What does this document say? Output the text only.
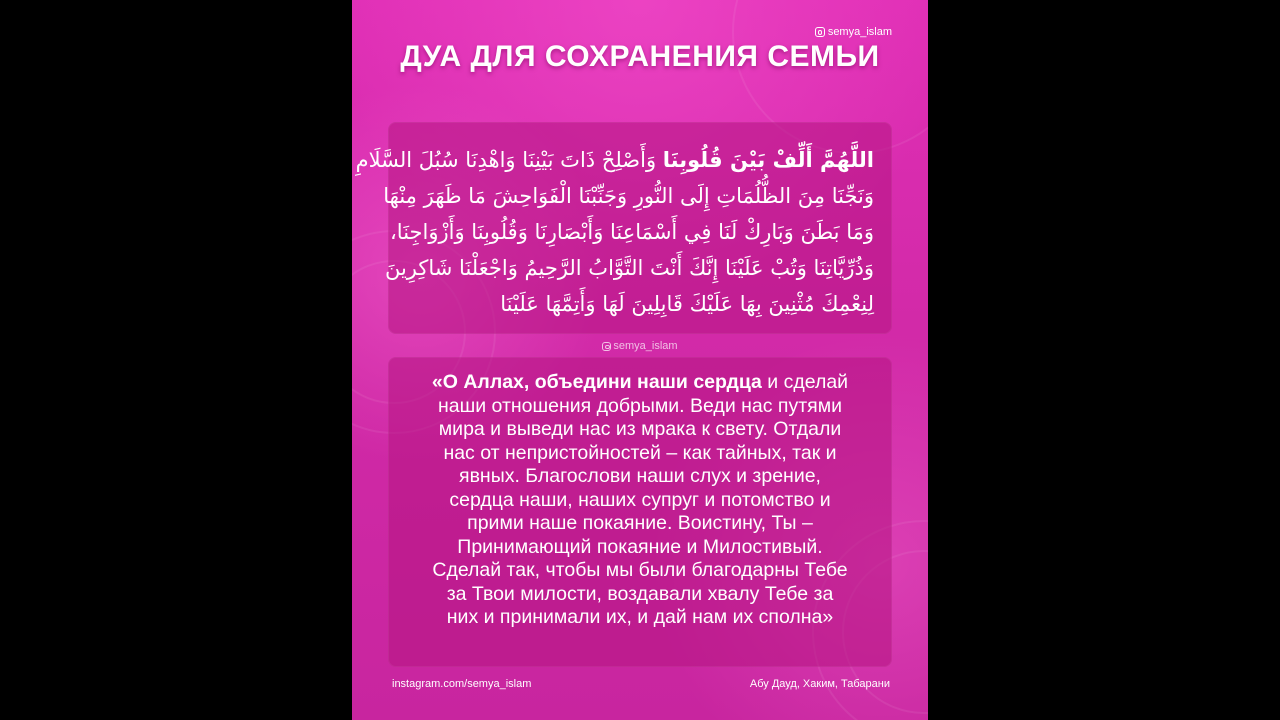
semya_islam
ДУА ДЛЯ СОХРАНЕНИЯ СЕМЬИ
اللَّهُمَّ أَلِّفْ بَيْنَ قُلُوبِنَا وَأَصْلِحْ ذَاتَ بَيْنِنَا وَاهْدِنَا سُبُلَ السَّلَامِ
وَنَجِّنَا مِنَ الظُّلُمَاتِ إِلَى النُّورِ وَجَنِّبْنَا الْفَوَاحِشَ مَا ظَهَرَ مِنْهَا
وَمَا بَطَنَ وَبَارِكْ لَنَا فِي أَسْمَاعِنَا وَأَبْصَارِنَا وَقُلُوبِنَا وَأَزْوَاجِنَا،
وَذُرِّيَّاتِنَا وَتُبْ عَلَيْنَا إِنَّكَ أَنْتَ التَّوَّابُ الرَّحِيمُ وَاجْعَلْنَا شَاكِرِينَ
لِنِعْمِكَ مُثْنِينَ بِهَا عَلَيْكَ قَابِلِينَ لَهَا وَأَتِمَّهَا عَلَيْنَا
semya_islam
«О Аллах, объедини наши сердца и сделай
наши отношения добрыми. Веди нас путями
мира и выведи нас из мрака к свету. Отдали
нас от непристойностей – как тайных, так и
явных. Благослови наши слух и зрение,
сердца наши, наших супруг и потомство и
прими наше покаяние. Воистину, Ты –
Принимающий покаяние и Милостивый.
Сделай так, чтобы мы были благодарны Тебе
за Твои милости, воздавали хвалу Тебе за
них и принимали их, и дай нам их сполна»
instagram.com/semya_islam	Абу Дауд, Хаким, Табарани
